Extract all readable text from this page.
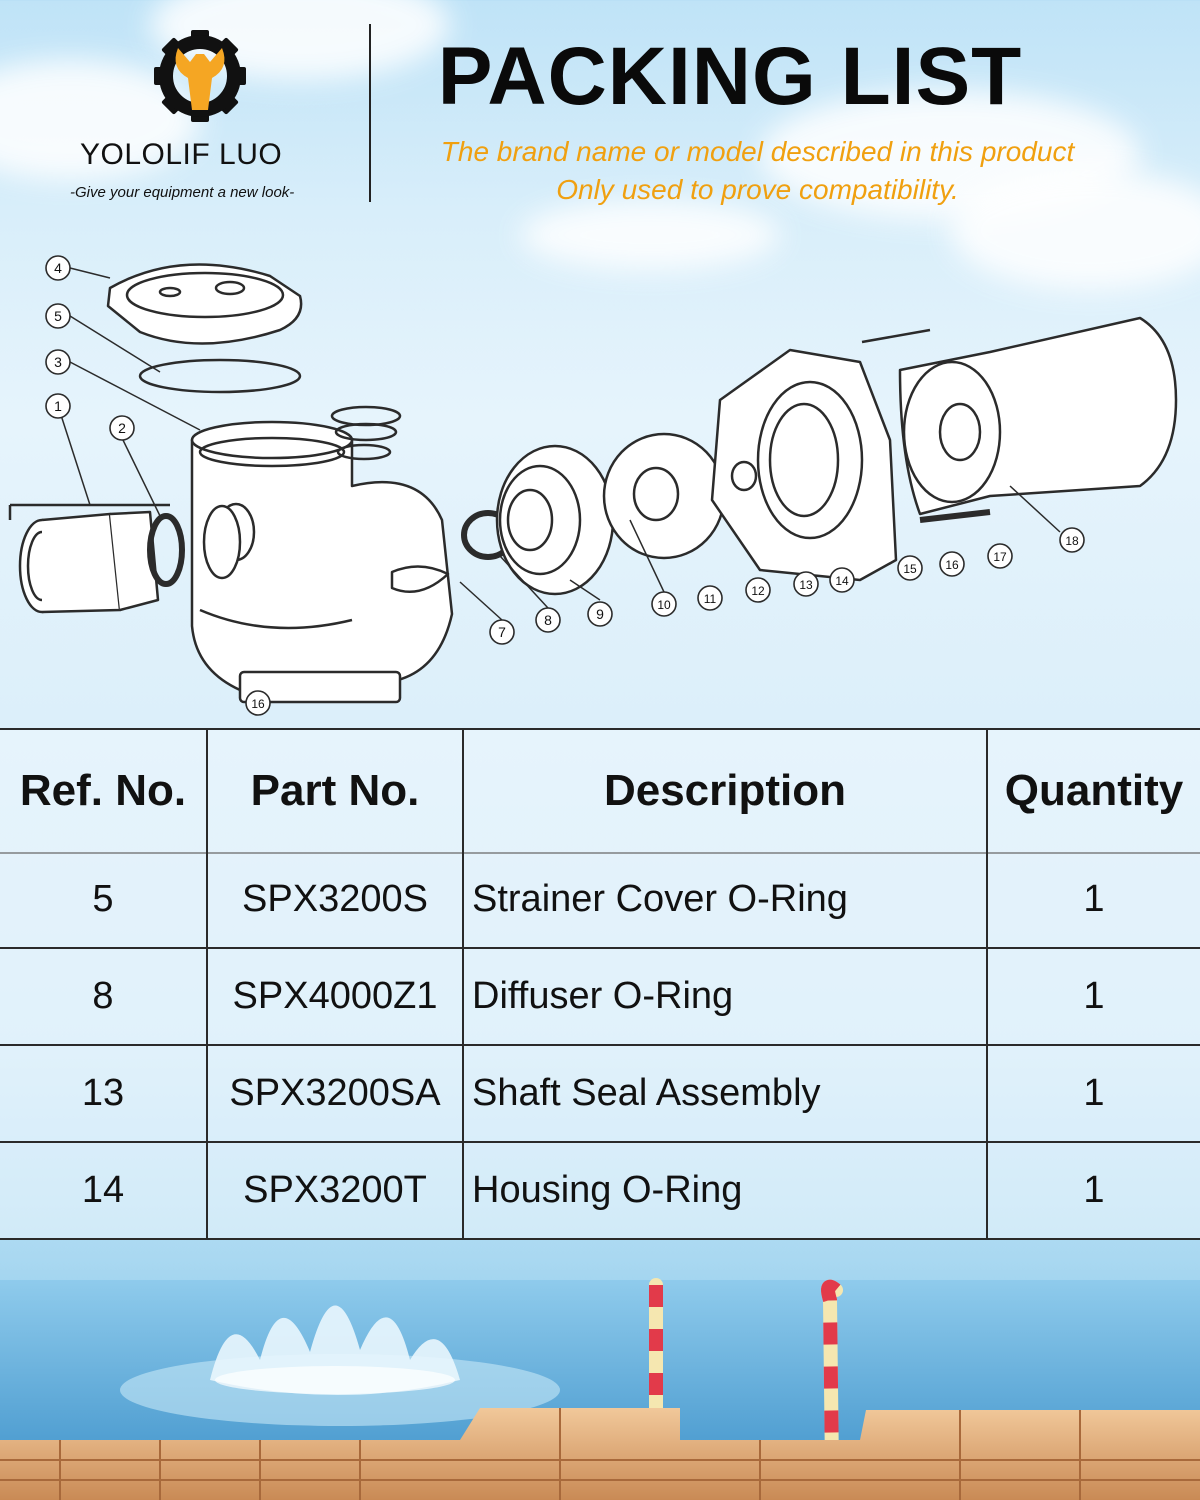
YOLOLIF LUO
-Give your equipment a new look-
PACKING LIST
The brand name or model described in this product
Only used to prove compatibility.
4
5
3
1
2
16
7
8	9
10	11
12	13 14
15 16
17
18
Ref. No.	Part No.	Description	Quantity
5	SPX3200S	Strainer Cover O-Ring	1
8	SPX4000Z1 Diffuser O-Ring	1
13	SPX3200SA Shaft Seal Assembly	1
14	SPX3200T	Housing O-Ring	1
